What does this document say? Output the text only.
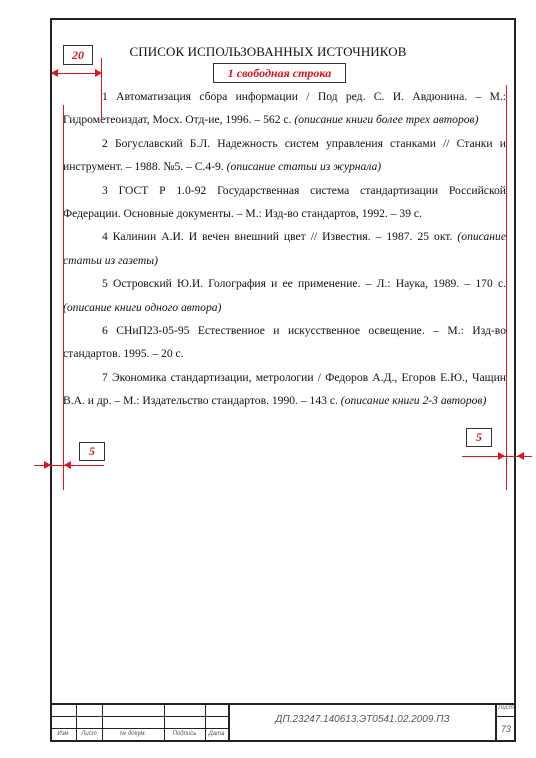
СПИСОК ИСПОЛЬЗОВАННЫХ ИСТОЧНИКОВ
1 свободная строка

1 Автоматизация сбора информации / Под ред. С. И. Авдюнина. – М.: Гидрометеоиздат, Мосх. Отд-ие, 1996. – 562 с. (описание книги более трех авторов)

2 Богуславский Б.Л. Надежность систем управления станками // Станки и инструмент. – 1988. №5. – С.4-9. (описание статьи из журнала)

3 ГОСТ Р 1.0-92 Государственная система стандартизации Российской Федерации. Основные документы. – М.: Изд-во стандартов, 1992. – 39 с.

4 Калинин А.И. И вечен внешний цвет // Известия. – 1987. 25 окт. (описание статьи из газеты)

5 Островский Ю.И. Голография и ее применение. – Л.: Наука, 1989. – 170 с. (описание книги одного автора)

6 СНиП23-05-95 Естественное и искусственное освещение. – М.: Изд-во стандартов. 1995. – 20 с.

7 Экономика стандартизации, метрологии / Федоров А.Д., Егоров Е.Ю., Чащин В.А. и др. – М.: Издательство стандартов. 1990. – 143 с. (описание книги 2-3 авторов)

20
5
5
ДП.23247.140613.ЭТ0541.02.2009.ПЗ
Лист
73
Изм	Лист	№ докум.	Подпись	Дата
